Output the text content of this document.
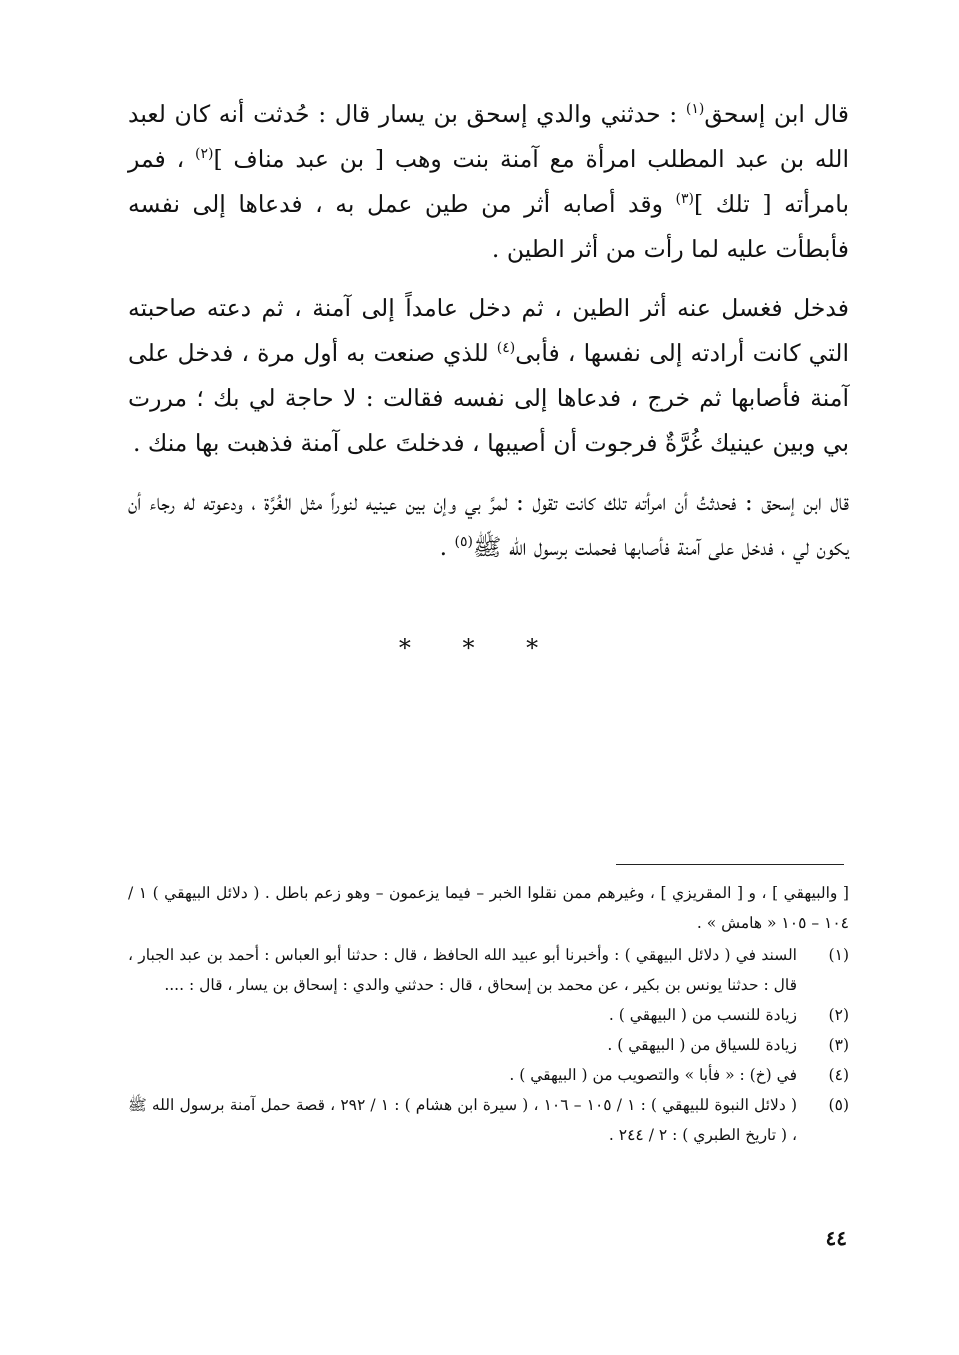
قال ابن إسحق$^{(١)}$ : حدثني والدي إسحق بن يسار قال : حُدثت أنه كان لعبد الله بن عبد المطلب امرأة مع آمنة بنت وهب [ بن عبد مناف ]$^{(٢)}$ ، فمر بامرأته [ تلك ]$^{(٣)}$ وقد أصابه أثر من طين عمل به ، فدعاها إلى نفسه فأبطأت عليه لما رأت من أثر الطين .

فدخل فغسل عنه أثر الطين ، ثم دخل عامداً إلى آمنة ، ثم دعته صاحبته التي كانت أرادته إلى نفسها ، فأبى$^{(٤)}$ للذي صنعت به أول مرة ، فدخل على آمنة فأصابها ثم خرج ، فدعاها إلى نفسه فقالت : لا حاجة لي بك ؛ مررت بي وبين عينيك غُرَّةٌ فرجوت أن أصيبها ، فدخلتَ على آمنة فذهبت بها منك .

قال ابن إسحق : فحدثتُ أن امرأته تلك كانت تقول : لمرَّ بي وإن بين عينيه لنوراً مثل الغُرَّة ، ودعوته له رجاء أن يكون لي ، فدخل على آمنة فأصابها فحملت برسول الله ﷺ$^{(٥)}$ .

* * *

[ والبيهقي ] ، و [ المقريزي ] ، وغيرهم ممن نقلوا الخبر – فيما يزعمون – وهو زعم باطل . ( دلائل البيهقي ) ١ / ١٠٤ – ١٠٥ « هامش » .

(١)
السند في ( دلائل البيهقي ) : وأخبرنا أبو عبيد الله الحافظ ، قال : حدثنا أبو العباس : أحمد بن عبد الجبار ، قال : حدثنا يونس بن بكير ، عن محمد بن إسحاق ، قال : حدثني والدي : إسحاق بن يسار ، قال : ....
(٢)
زيادة للنسب من ( البيهقي ) .
(٣)
زيادة للسياق من ( البيهقي ) .
(٤)
في (خ) : « فأبا » والتصويب من ( البيهقي ) .
(٥)
( دلائل النبوة للبيهقي ) : ١ / ١٠٥ – ١٠٦ ، ( سيرة ابن هشام ) : ١ / ٢٩٢ ، قصة حمل آمنة برسول الله ﷺ ، ( تاريخ الطبري ) : ٢ / ٢٤٤ .
٤٤
